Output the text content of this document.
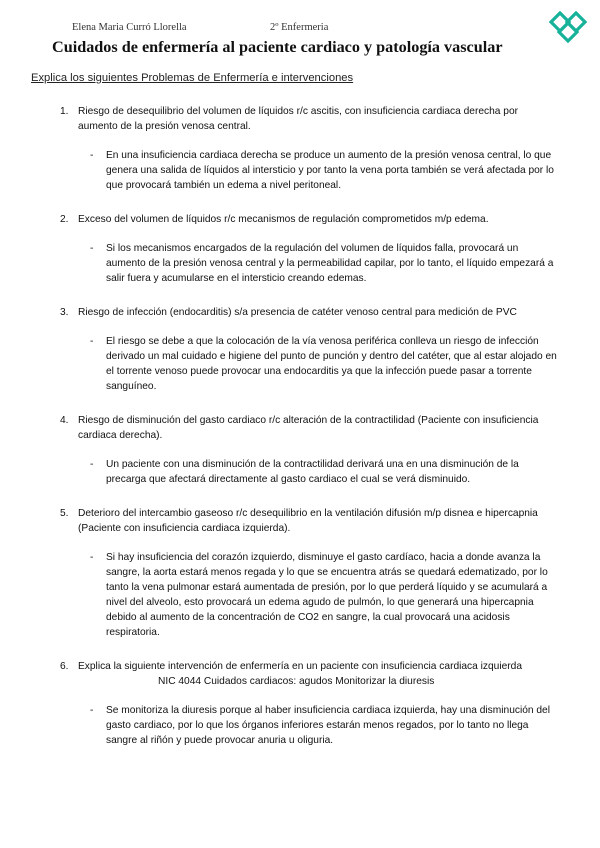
Elena Maria Curró Llorella	2º Enfermeria
Cuidados de enfermería al paciente cardiaco y patología vascular
Explica los siguientes Problemas de Enfermería e intervenciones
1. Riesgo de desequilibrio del volumen de líquidos r/c ascitis, con insuficiencia cardiaca derecha por aumento de la presión venosa central.
- En una insuficiencia cardiaca derecha se produce un aumento de la presión venosa central, lo que genera una salida de líquidos al intersticio y por tanto la vena porta también se verá afectada por lo que provocará también un edema a nivel peritoneal.
2. Exceso del volumen de líquidos r/c mecanismos de regulación comprometidos m/p edema.
- Si los mecanismos encargados de la regulación del volumen de líquidos falla, provocará un aumento de la presión venosa central y la permeabilidad capilar, por lo tanto, el líquido empezará a salir fuera y acumularse en el intersticio creando edemas.
3. Riesgo de infección (endocarditis) s/a presencia de catéter venoso central para medición de PVC
- El riesgo se debe a que la colocación de la vía venosa periférica conlleva un riesgo de infección derivado un mal cuidado e higiene del punto de punción y dentro del catéter, que al estar alojado en el torrente venoso puede provocar una endocarditis ya que la infección puede pasar a torrente sanguíneo.
4. Riesgo de disminución del gasto cardiaco r/c alteración de la contractilidad (Paciente con insuficiencia cardiaca derecha).
- Un paciente con una disminución de la contractilidad derivará una en una disminución de la precarga que afectará directamente al gasto cardiaco el cual se verá disminuido.
5. Deterioro del intercambio gaseoso r/c desequilibrio en la ventilación difusión m/p disnea e hipercapnia (Paciente con insuficiencia cardiaca izquierda).
- Si hay insuficiencia del corazón izquierdo, disminuye el gasto cardíaco, hacia a donde avanza la sangre, la aorta estará menos regada y lo que se encuentra atrás se quedará edematizado, por lo tanto la vena pulmonar estará aumentada de presión, por lo que perderá líquido y se acumulará a nivel del alveolo, esto provocará un edema agudo de pulmón, lo que generará una hipercapnia debido al aumento de la concentración de CO2 en sangre, la cual provocará una acidosis respiratoria.
6. Explica la siguiente intervención de enfermería en un paciente con insuficiencia cardiaca izquierda
NIC 4044 Cuidados cardiacos: agudos Monitorizar la diuresis
- Se monitoriza la diuresis porque al haber insuficiencia cardiaca izquierda, hay una disminución del gasto cardiaco, por lo que los órganos inferiores estarán menos regados, por lo tanto no llega sangre al riñón y puede provocar anuria u oliguria.
